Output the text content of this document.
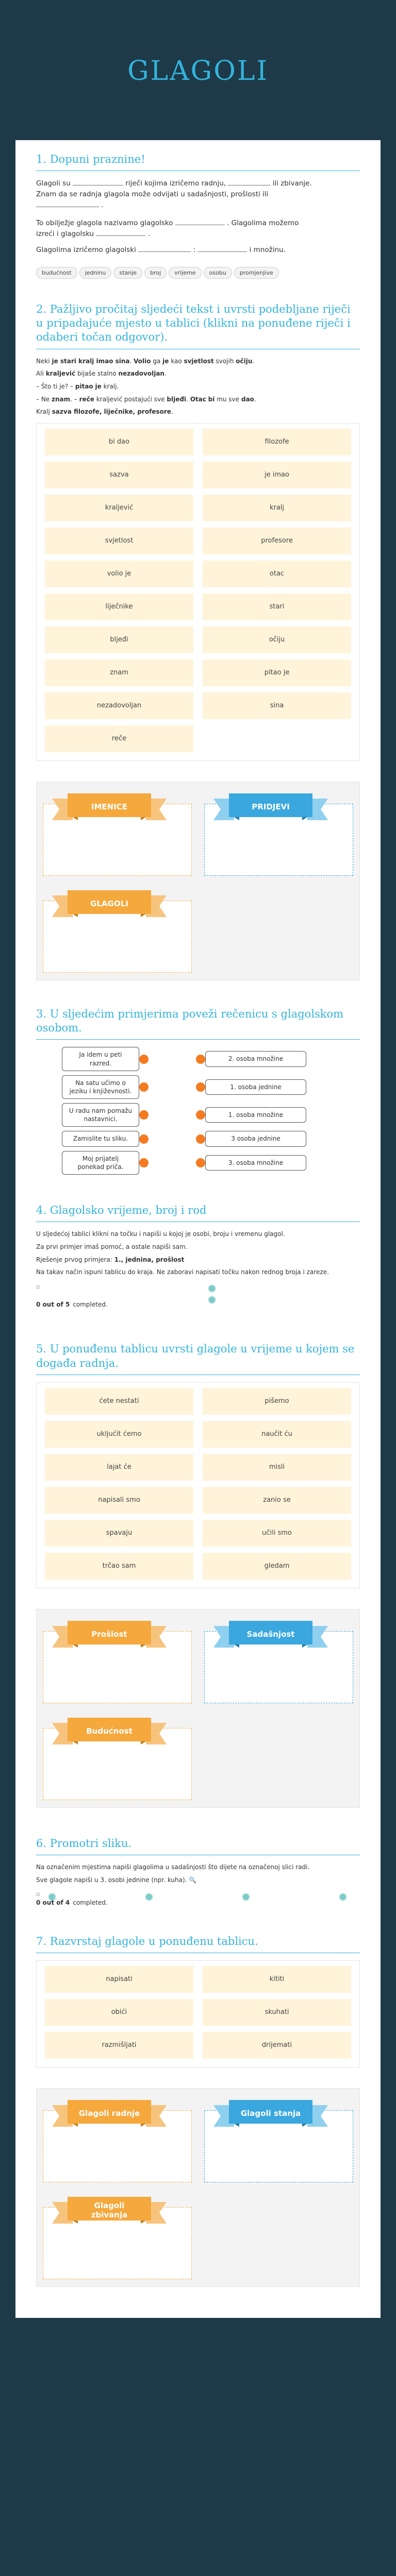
GLAGOLI
1. Dopuni praznine!

Glagoli su	riječi kojima izričemo radnju,	ili zbivanje.
Znam da se radnja glagola može odvijati u sadašnjosti, prošlosti ili
.

To obilježje glagola nazivamo glagolsko	. Glagolima možemo
izreći i glagolsku	.

Glagolima izričemo glagolski	:	i množinu.

budućnost jedninu stanje broj vrijeme osobu promjenjive
2. Pažljivo pročitaj sljedeći tekst i uvrsti podebljane riječi u pripadajuće mjesto u tablici (klikni na ponuđene riječi i odaberi točan odgovor).

Neki je stari kralj imao sina. Volio ga je kao svjetlost svojih očiju.

Ali kraljević bijaše stalno nezadovoljan.

– Što ti je? – pitao je kralj.

– Ne znam. – reče kraljević postajući sve bljeđi. Otac bi mu sve dao.

Kralj sazva filozofe, liječnike, profesore.

bi dao	filozofe
sazva	je imao
kraljević	kralj
svjetlost	profesore
volio je	otac
liječnike	stari
bljeđi	očiju
znam	pitao je
nezadovoljan	sina
reče
IMENICE	PRIDJEVI
GLAGOLI
3. U sljedećim primjerima poveži rečenicu s glagolskom osobom.
Ja idem u peti razred.
2. osoba množine
Na satu učimo o jeziku i književnosti.
1. osoba jednine
U radu nam pomažu nastavnici.
1. osoba množine
Zamislite tu sliku.	3 osoba jednine
Moj prijatelj ponekad priča.
3. osoba množine
4. Glagolsko vrijeme, broj i rod

U sljedećoj tablici klikni na točku i napiši u kojoj je osobi, broju i vremenu glagol.

Za prvi primjer imaš pomoć, a ostale napiši sam.

Rješenje prvog primjera: 1., jednina, prošlost

Na takav način ispuni tablicu do kraja. Ne zaboravi napisati točku nakon rednog broja i zareze.

▫
0 out of 5 completed.
5. U ponuđenu tablicu uvrsti glagole u vrijeme u kojem se događa radnja.
ćete nestati	pišemo
ukljućit ćemo	naučit ću
lajat će	misli
napisali smo	zanio se
spavaju	učili smo
trčao sam	gledam
Prošlost	Sadašnjost
Budućnost
6. Promotri sliku.

Na označenim mjestima napiši glagolima u sadašnjosti što dijete na označenoj slici radi.

Sve glagole napiši u 3. osobi jednine (npr. kuha). 🔍

▫
0 out of 4 completed.
7. Razvrstaj glagole u ponuđenu tablicu.
napisati	kititi
obići	skuhati
razmišljati	drijemati
Glagoli radnje	Glagoli stanja
Glagoli zbivanja
